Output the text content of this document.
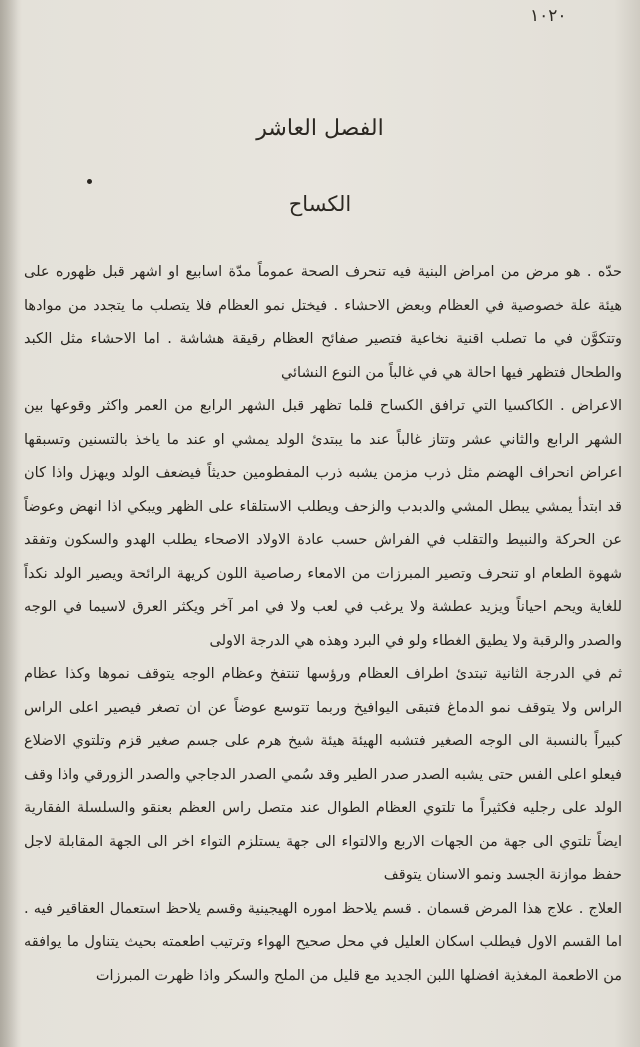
١٠٢٠
الفصل العاشر
الكساح

حدّه . هو مرض من امراض البنية فيه تنحرف الصحة عموماً مدّة اسابيع او اشهر قبل ظهوره على هيئة علة خصوصية في العظام وبعض الاحشاء . فيختل نمو العظام فلا يتصلب ما يتجدد من موادها وتتكوَّن في ما تصلب اقنية نخاعية فتصير صفائح العظام رقيقة هشاشة . اما الاحشاء مثل الكبد والطحال فتظهر فيها احالة هي في غالباً من النوع النشائي

الاعراض . الكاكسيا التي ترافق الكساح قلما تظهر قبل الشهر الرابع من العمر واكثر وقوعها بين الشهر الرابع والثاني عشر وتتاز غالباً عند ما يبتدئ الولد يمشي او عند ما ياخذ بالتسنين وتسبقها اعراض انحراف الهضم مثل ذرب مزمن يشبه ذرب المفطومين حديثاً فيضعف الولد ويهزل واذا كان قد ابتدأ يمشي يبطل المشي والدبدب والزحف ويطلب الاستلقاء على الظهر ويبكي اذا انهض وعوضاً عن الحركة والنبيط والتقلب في الفراش حسب عادة الاولاد الاصحاء يطلب الهدو والسكون وتفقد شهوة الطعام او تنحرف وتصير المبرزات من الامعاء رصاصية اللون كريهة الرائحة ويصير الولد نكداً للغاية ويحم احياناً ويزيد عطشة ولا يرغب في لعب ولا في امر آخر ويكثر العرق لاسيما في الوجه والصدر والرقبة ولا يطيق الغطاء ولو في البرد وهذه هي الدرجة الاولى

ثم في الدرجة الثانية تبتدئ اطراف العظام ورؤسها تنتفخ وعظام الوجه يتوقف نموها وكذا عظام الراس ولا يتوقف نمو الدماغ فتبقى اليوافيخ وربما تتوسع عوضاً عن ان تصغر فيصير اعلى الراس كبيراً بالنسبة الى الوجه الصغير فتشبه الهيئة هيئة شيخ هرم على جسم صغير قزم وتلتوي الاضلاع فيعلو اعلى الفس حتى يشبه الصدر صدر الطير وقد سُمي الصدر الدجاجي والصدر الزورقي واذا وقف الولد على رجليه فكثيراً ما تلتوي العظام الطوال عند متصل راس العظم بعنقو والسلسلة الفقارية ايضاً تلتوي الى جهة من الجهات الاربع والالتواء الى جهة يستلزم التواء اخر الى الجهة المقابلة لاجل حفظ موازنة الجسد ونمو الاسنان يتوقف

العلاج . علاج هذا المرض قسمان . قسم يلاحظ اموره الهيجينية وقسم يلاحظ استعمال العقاقير فيه . اما القسم الاول فيطلب اسكان العليل في محل صحيح الهواء وترتيب اطعمته بحيث يتناول ما يوافقه من الاطعمة المغذية افضلها اللبن الجديد مع قليل من الملح والسكر واذا ظهرت المبرزات
